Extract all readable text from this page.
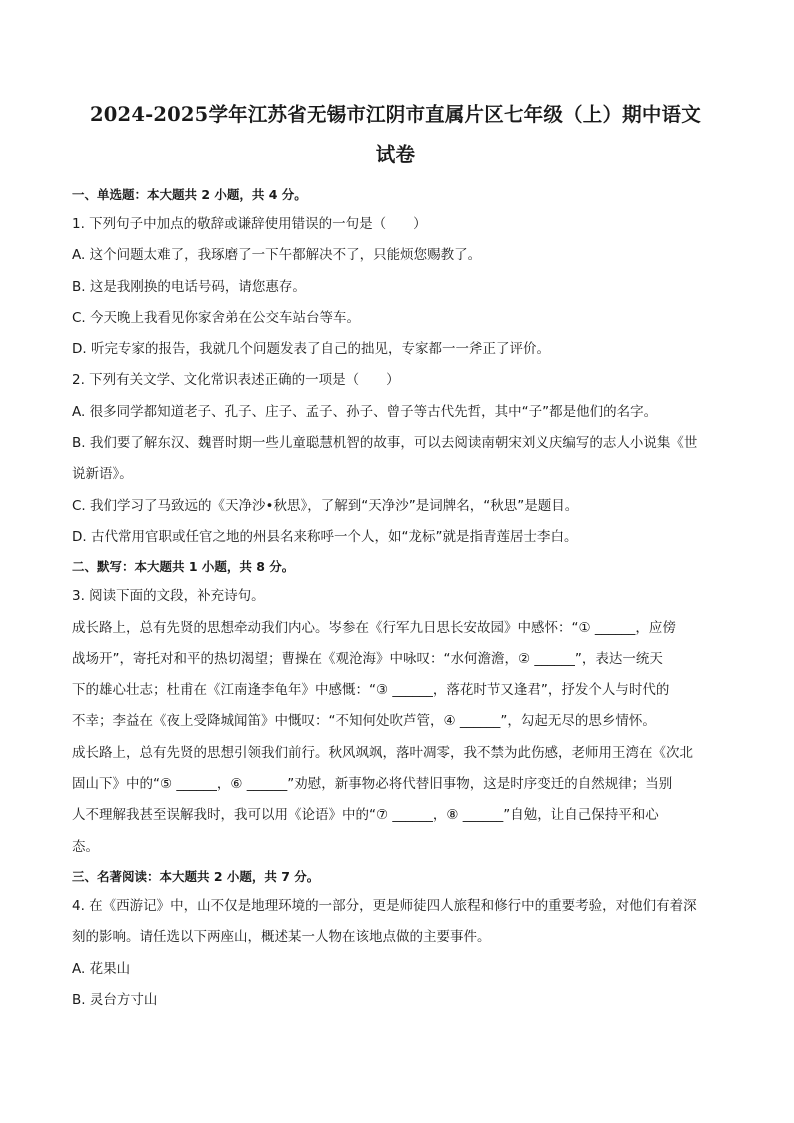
2024-2025学年江苏省无锡市江阴市直属片区七年级（上）期中语文
试卷

一、单选题：本大题共 2 小题，共 4 分。

1. 下列句子中加点的敬辞或谦辞使用错误的一句是（　　）

A. 这个问题太难了，我琢磨了一下午都解决不了，只能烦您赐教了。

B. 这是我刚换的电话号码，请您惠存。

C. 今天晚上我看见你家舍弟在公交车站台等车。

D. 听完专家的报告，我就几个问题发表了自己的拙见，专家都一一斧正了评价。

2. 下列有关文学、文化常识表述正确的一项是（　　）

A. 很多同学都知道老子、孔子、庄子、孟子、孙子、曾子等古代先哲，其中“子”都是他们的名字。

B. 我们要了解东汉、魏晋时期一些儿童聪慧机智的故事，可以去阅读南朝宋刘义庆编写的志人小说集《世

说新语》。

C. 我们学习了马致远的《天净沙•秋思》，了解到“天净沙”是词牌名，“秋思”是题目。

D. 古代常用官职或任官之地的州县名来称呼一个人，如“龙标”就是指青莲居士李白。

二、默写：本大题共 1 小题，共 8 分。

3. 阅读下面的文段，补充诗句。

成长路上，总有先贤的思想牵动我们内心。岑参在《行军九日思长安故园》中感怀：“① ______，应傍
战场开”，寄托对和平的热切渴望；曹操在《观沧海》中咏叹：“水何澹澹，② ______”，表达一统天
下的雄心壮志；杜甫在《江南逢李龟年》中感慨：“③ ______，落花时节又逢君”，抒发个人与时代的
不幸；李益在《夜上受降城闻笛》中慨叹：“不知何处吹芦管，④ ______”，勾起无尽的思乡情怀。
成长路上，总有先贤的思想引领我们前行。秋风飒飒，落叶凋零，我不禁为此伤感，老师用王湾在《次北
固山下》中的“⑤ ______，⑥ ______”劝慰，新事物必将代替旧事物，这是时序变迁的自然规律；当别
人不理解我甚至误解我时，我可以用《论语》中的“⑦ ______，⑧ ______”自勉，让自己保持平和心
态。

三、名著阅读：本大题共 2 小题，共 7 分。

4. 在《西游记》中，山不仅是地理环境的一部分，更是师徒四人旅程和修行中的重要考验，对他们有着深

刻的影响。请任选以下两座山，概述某一人物在该地点做的主要事件。

A. 花果山

B. 灵台方寸山
